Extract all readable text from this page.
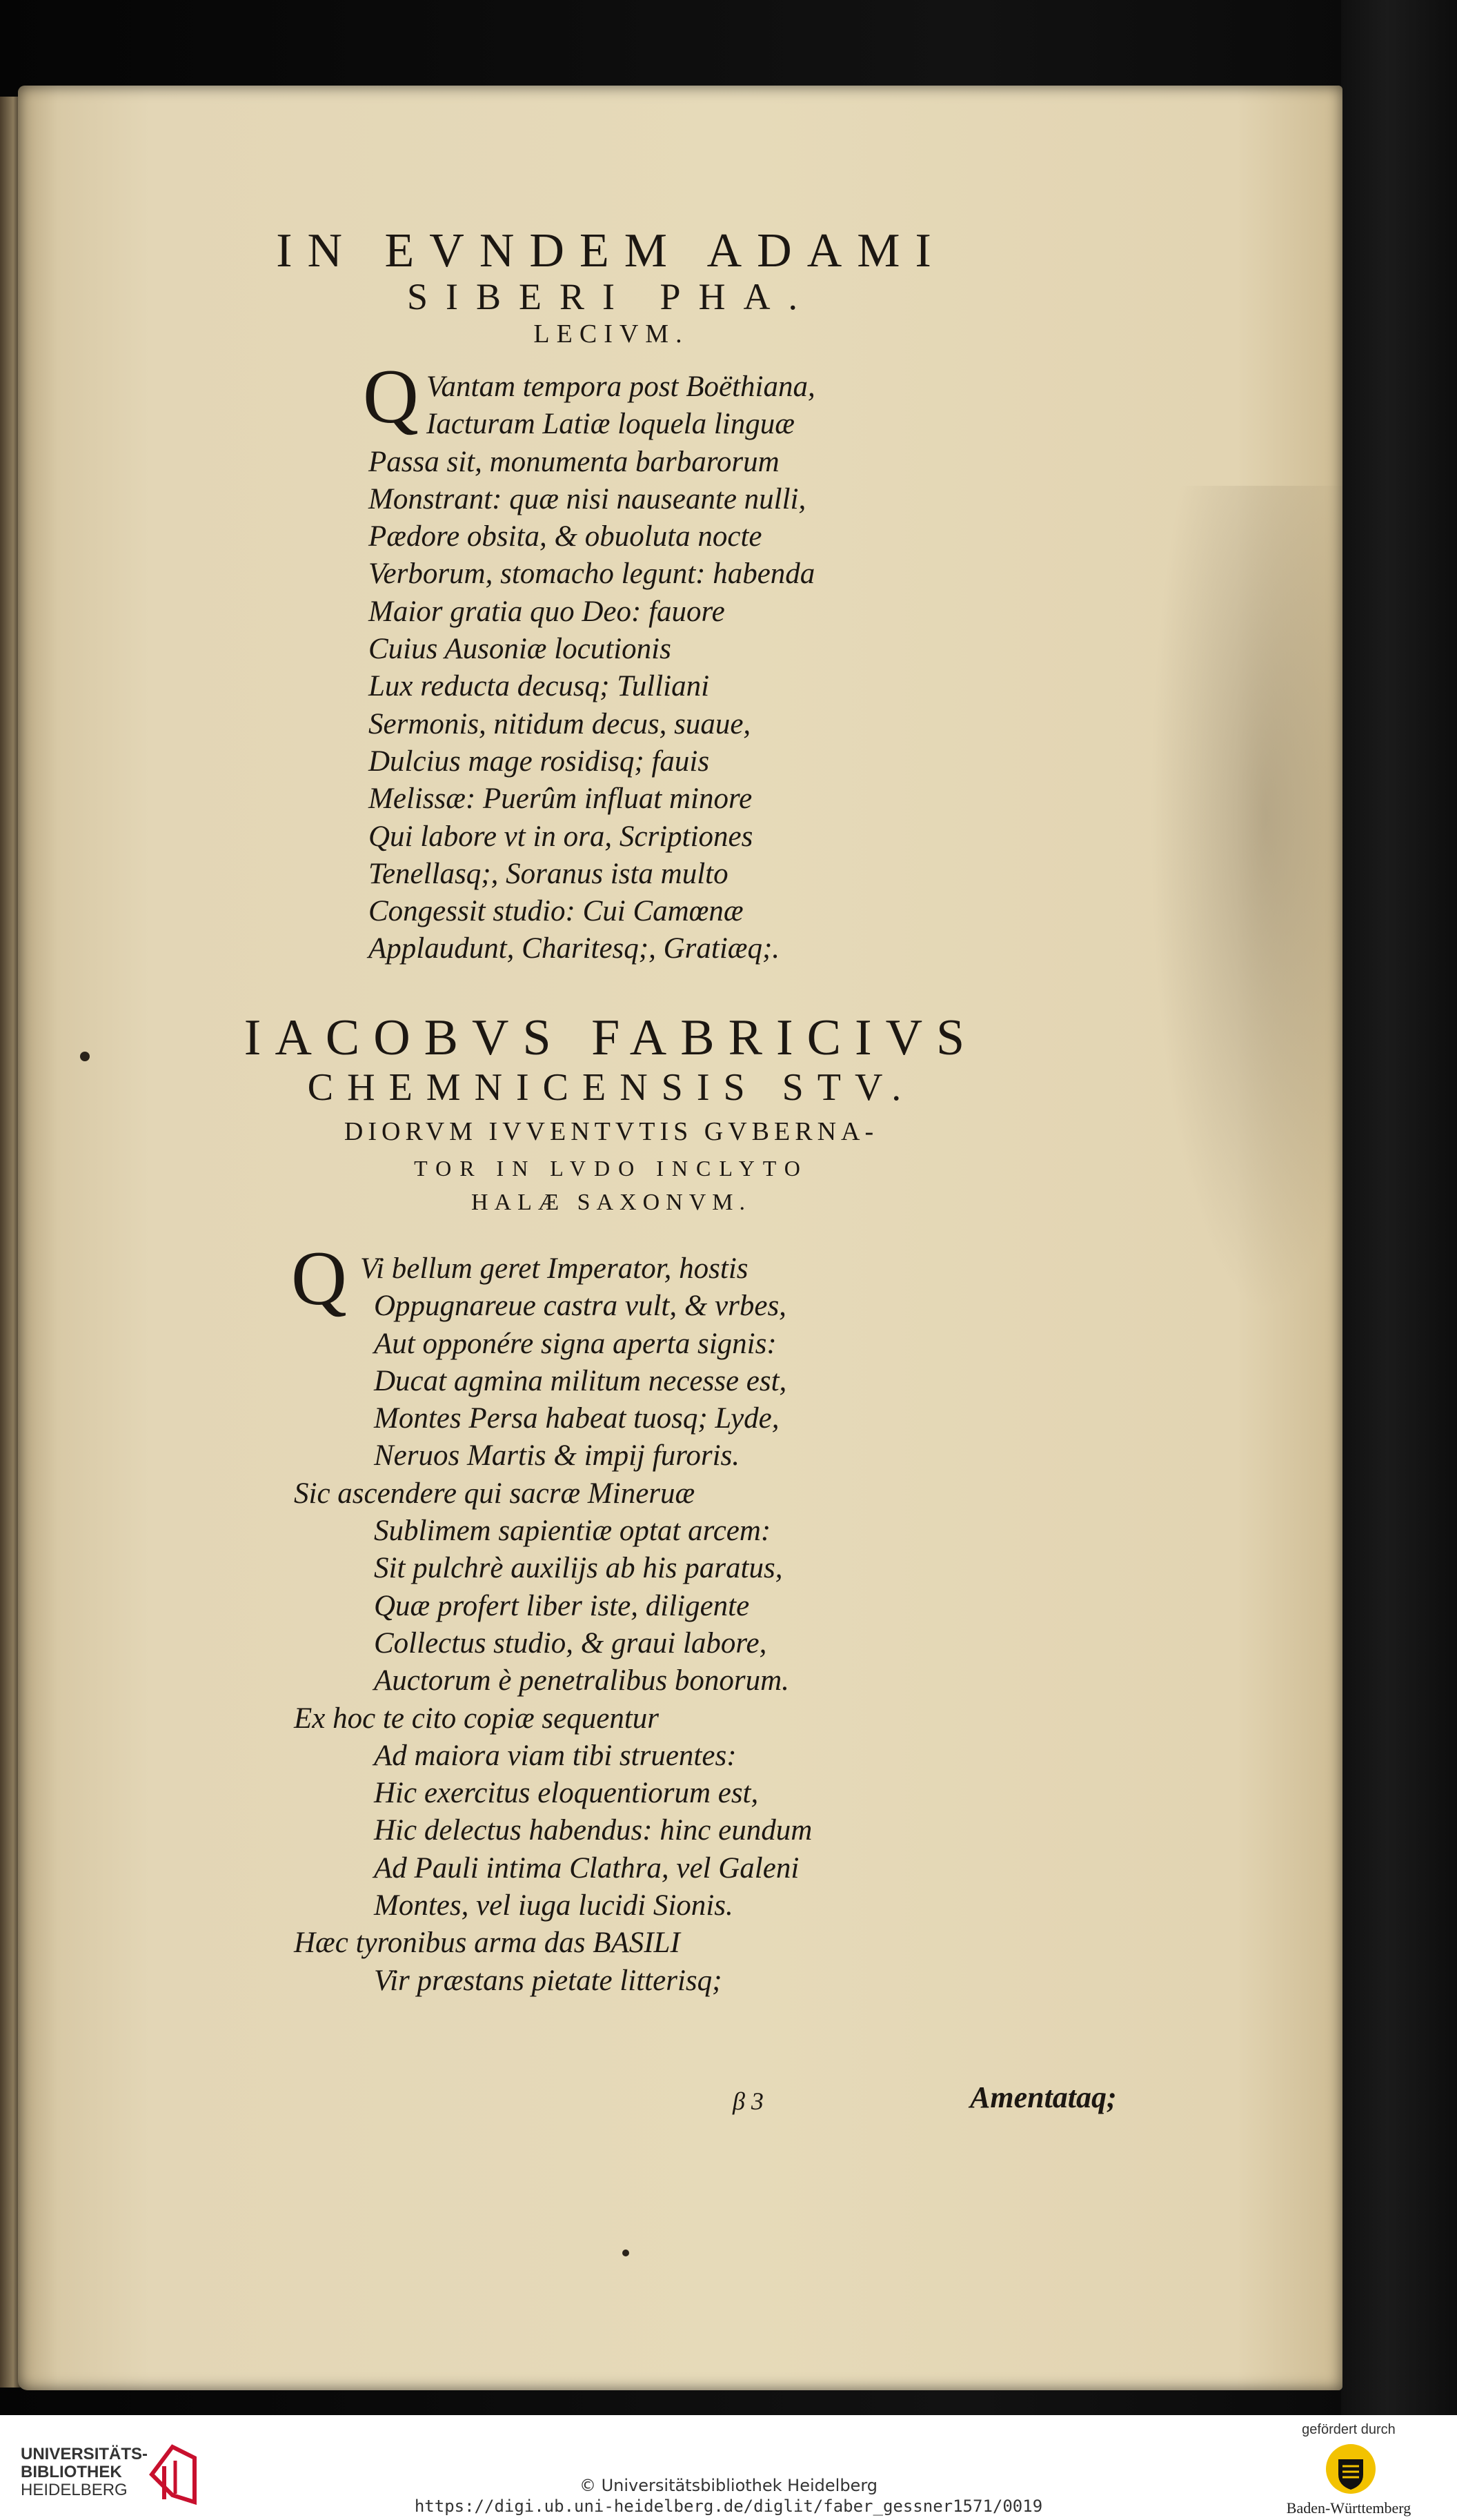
IN EVNDEM ADAMI
SIBERI PHA.
LECIVM.
Q Vantam tempora post Boëthiana,
Iacturam Latiæ loquela linguæ
Passa sit, monumenta barbarorum
Monstrant: quæ nisi nauseante nulli,
Pædore obsita, & obuoluta nocte
Verborum, stomacho legunt: habenda
Maior gratia quo Deo: fauore
Cuius Ausoniæ locutionis
Lux reducta decusq; Tulliani
Sermonis, nitidum decus, suaue,
Dulcius mage rosidisq; fauis
Melissæ: Puerûm influat minore
Qui labore vt in ora, Scriptiones
Tenellasq;, Soranus ista multo
Congessit studio: Cui Camœnæ
Applaudunt, Charitesq;, Gratiæq;.
IACOBVS FABRICIVS
CHEMNICENSIS STV.
DIORVM IVVENTVTIS GVBERNA-
TOR IN LVDO INCLYTO
HALÆ SAXONVM.
Q Vi bellum geret Imperator, hostis
Oppugnareue castra vult, & vrbes,
Aut opponére signa aperta signis:
Ducat agmina militum necesse est,
Montes Persa habeat tuosq; Lyde,
Neruos Martis & impij furoris.
Sic ascendere qui sacræ Mineruæ
Sublimem sapientiæ optat arcem:
Sit pulchrè auxilijs ab his paratus,
Quæ profert liber iste, diligente
Collectus studio, & graui labore,
Auctorum è penetralibus bonorum.
Ex hoc te cito copiæ sequentur
Ad maiora viam tibi struentes:
Hic exercitus eloquentiorum est,
Hic delectus habendus: hinc eundum
Ad Pauli intima Clathra, vel Galeni
Montes, vel iuga lucidi Sionis.
Hæc tyronibus arma das BASILI
Vir præstans pietate litterisq;
β 3	Amentataq;
UNIVERSITÄTS-
BIBLIOTHEK
HEIDELBERG	© Universitätsbibliothek Heidelberg
https://digi.ub.uni-heidelberg.de/diglit/faber_gessner1571/0019
gefördert durch
Baden-Württemberg
